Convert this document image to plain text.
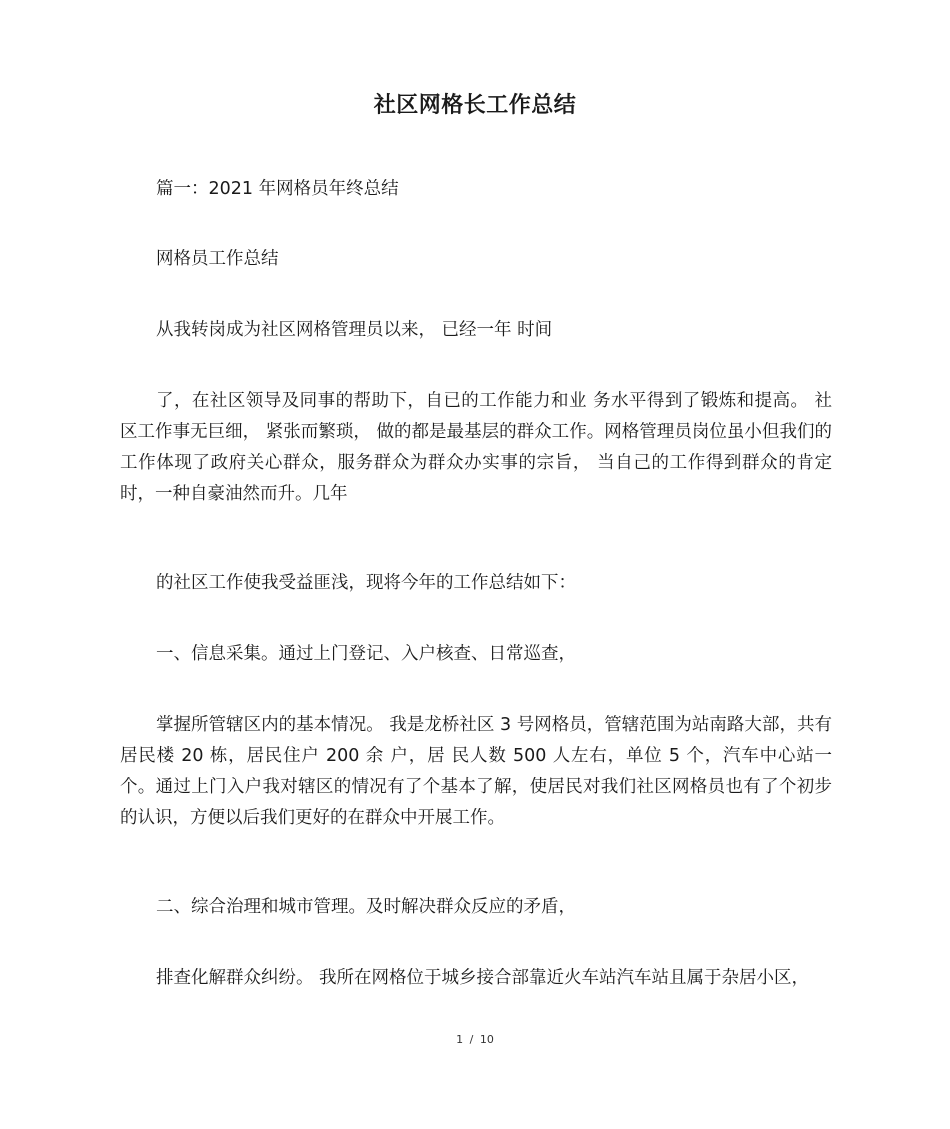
社区网格长工作总结

篇一：2021 年网格员年终总结

网格员工作总结

从我转岗成为社区网格管理员以来， 已经一年 时间

了，在社区领导及同事的帮助下，自已的工作能力和业 务水平得到了锻炼和提高。 社区工作事无巨细， 紧张而繁琐， 做的都是最基层的群众工作。网格管理员岗位虽小但我们的 工作体现了政府关心群众，服务群众为群众办实事的宗旨， 当自己的工作得到群众的肯定时，一种自豪油然而升。几年

的社区工作使我受益匪浅，现将今年的工作总结如下：

一、信息采集。通过上门登记、入户核查、日常巡查，

掌握所管辖区内的基本情况。 我是龙桥社区 3 号网格员，管辖范围为站南路大部，共有居民楼 20 栋，居民住户 200 余 户，居 民人数 500 人左右，单位 5 个，汽车中心站一个。通过上门入户我对辖区的情况有了个基本了解，使居民对我们社区网格员也有了个初步的认识，方便以后我们更好的在群众中开展工作。

二、综合治理和城市管理。及时解决群众反应的矛盾，

排查化解群众纠纷。 我所在网格位于城乡接合部靠近火车站汽车站且属于杂居小区，

1 / 10
